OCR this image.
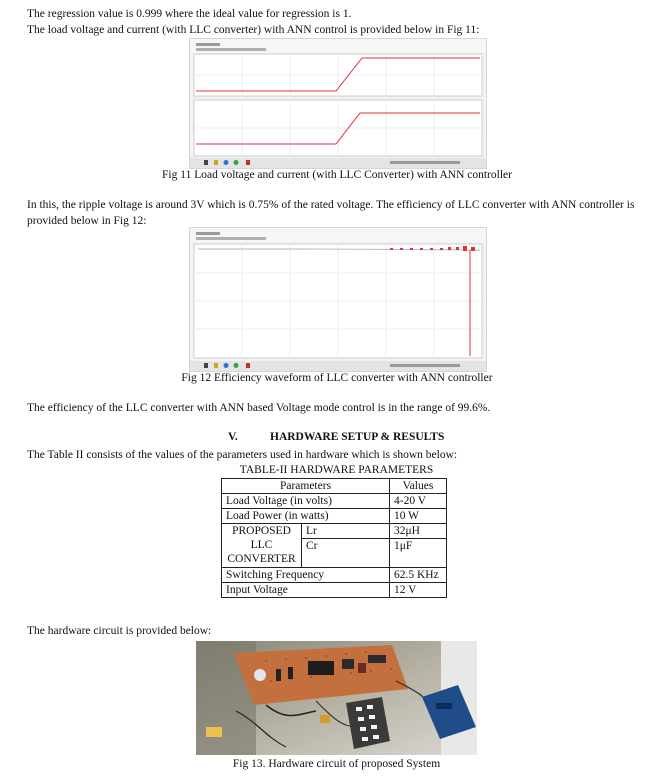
The regression value is 0.999 where the ideal value for regression is 1.
The load voltage and current (with LLC converter) with ANN control is provided below in Fig 11:
Fig 11 Load voltage and current (with LLC Converter) with ANN controller
In this, the ripple voltage is around 3V which is 0.75% of the rated voltage. The efficiency of LLC converter with ANN controller is provided below in Fig 12:
Fig 12 Efficiency waveform of LLC converter with ANN controller
The efficiency of the LLC converter with ANN based Voltage mode control is in the range of 99.6%.
V.	HARDWARE SETUP & RESULTS
The Table II consists of the values of the parameters used in hardware which is shown below:
TABLE-II HARDWARE PARAMETERS
Parameters		Values
Load Voltage (in volts)		4-20 V
Load Power (in watts)		10 W
PROPOSED
LLC
CONVERTER	Lr	32μH
	Cr	1μF
Switching Frequency		62.5 KHz
Input Voltage		12 V
The hardware circuit is provided below:
Fig 13. Hardware circuit of proposed System
